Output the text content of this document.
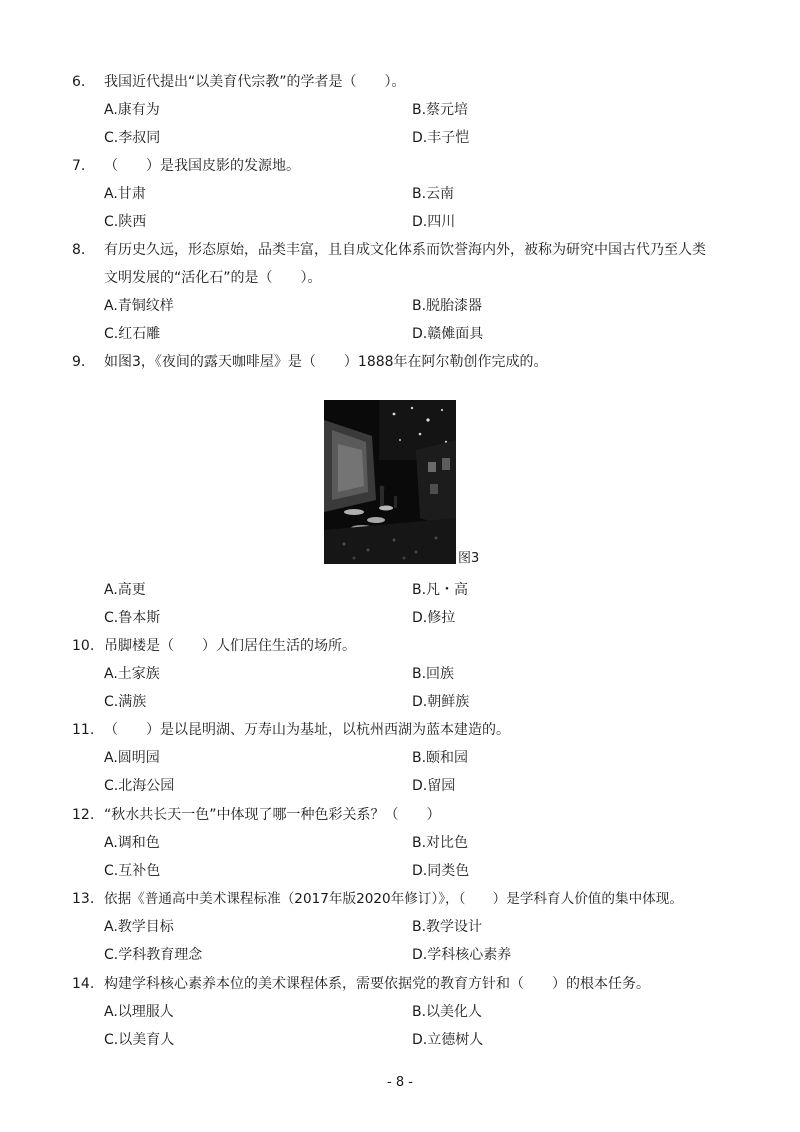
6.	我国近代提出“以美育代宗教”的学者是（　　）。
A.康有为	B.蔡元培
C.李叔同	D.丰子恺
7.	（　　）是我国皮影的发源地。
A.甘肃	B.云南
C.陕西	D.四川
8.	有历史久远，形态原始，品类丰富，且自成文化体系而饮誉海内外，被称为研究中国古代乃至人类
文明发展的“活化石”的是（　　）。
A.青铜纹样	B.脱胎漆器
C.红石雕	D.赣傩面具
9.	如图3，《夜间的露天咖啡屋》是（　　）1888年在阿尔勒创作完成的。
图3
A.高更	B.凡・高
C.鲁本斯	D.修拉
10. 吊脚楼是（　　）人们居住生活的场所。
A.土家族	B.回族
C.满族	D.朝鲜族
11. （　　）是以昆明湖、万寿山为基址，以杭州西湖为蓝本建造的。
A.圆明园	B.颐和园
C.北海公园	D.留园
12. “秋水共长天一色”中体现了哪一种色彩关系？（　　）
A.调和色	B.对比色
C.互补色	D.同类色
13. 依据《普通高中美术课程标准（2017年版2020年修订）》，（　　）是学科育人价值的集中体现。
A.教学目标	B.教学设计
C.学科教育理念	D.学科核心素养
14. 构建学科核心素养本位的美术课程体系，需要依据党的教育方针和（　　）的根本任务。
A.以理服人	B.以美化人
C.以美育人	D.立德树人
- 8 -
